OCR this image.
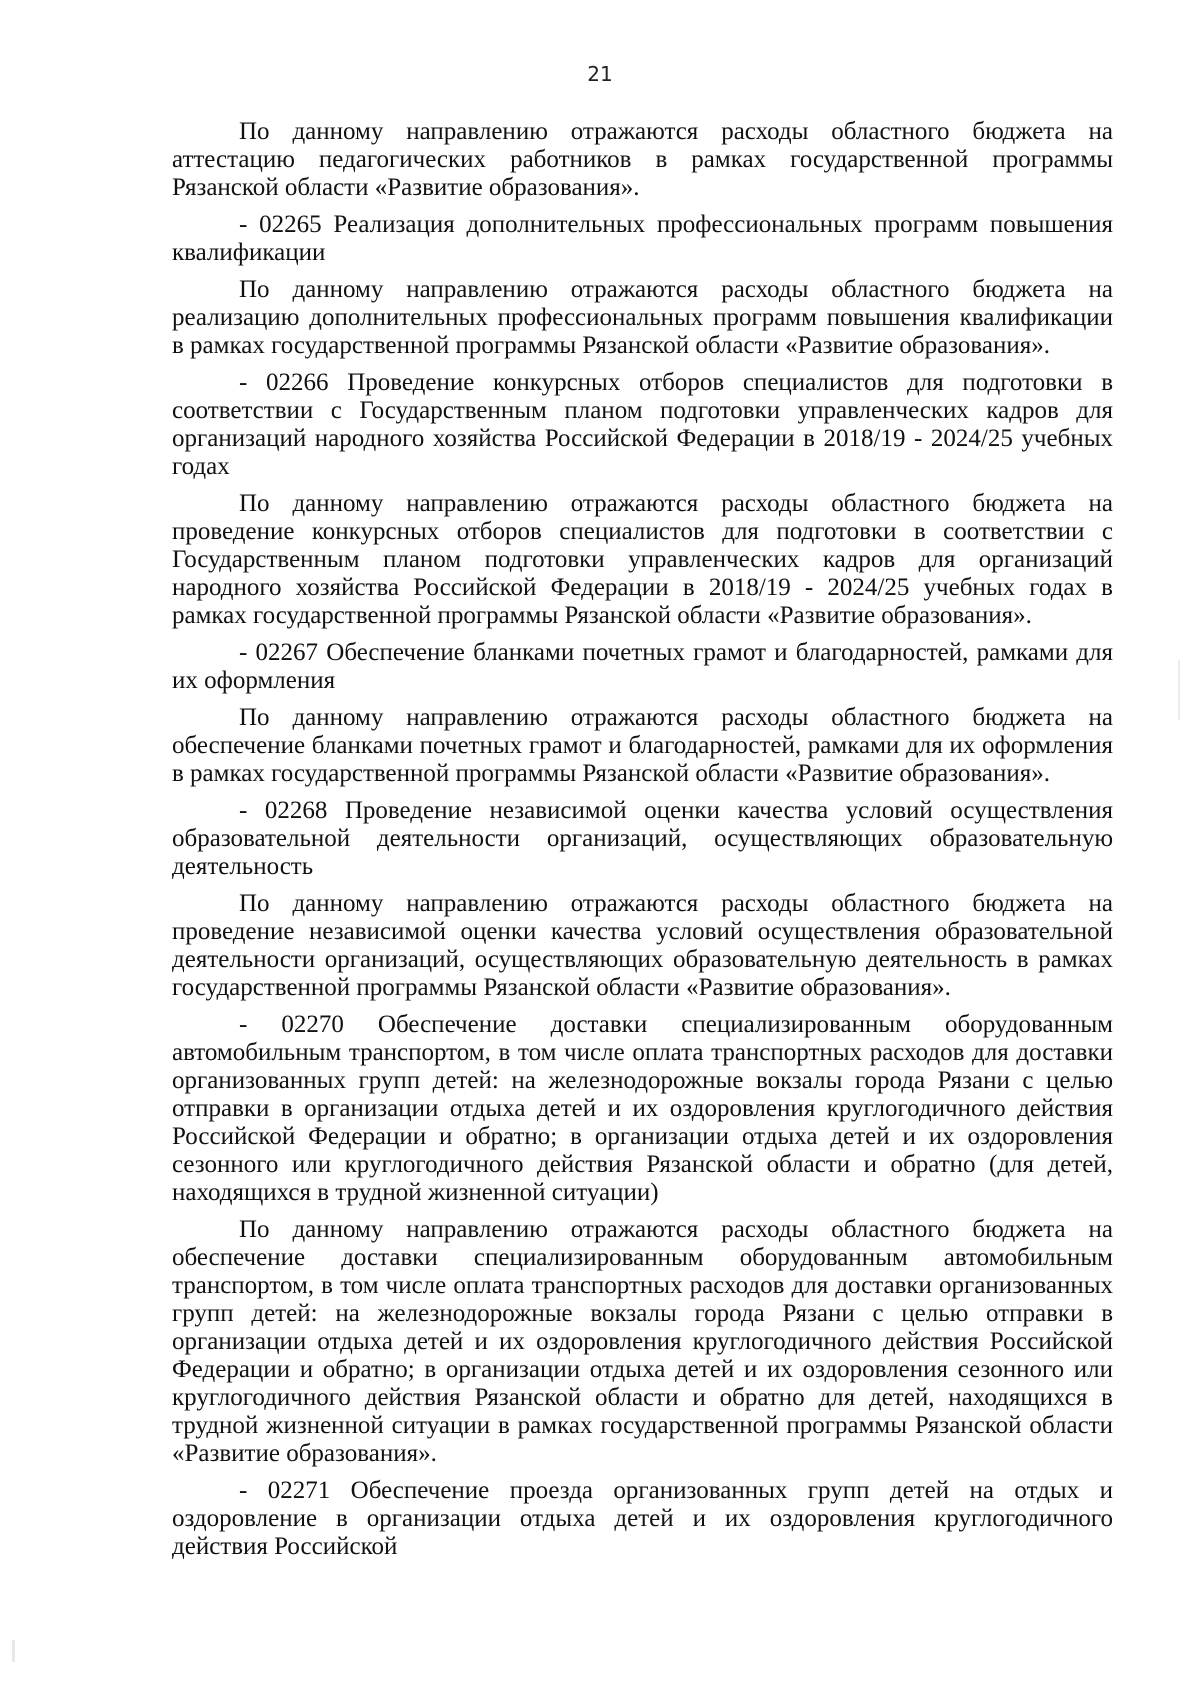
21

По данному направлению отражаются расходы областного бюджета на аттестацию педагогических работников в рамках государственной программы Рязанской области «Развитие образования».

- 02265 Реализация дополнительных профессиональных программ повышения квалификации

По данному направлению отражаются расходы областного бюджета на реализацию дополнительных профессиональных программ повышения квалификации в рамках государственной программы Рязанской области «Развитие образования».

- 02266 Проведение конкурсных отборов специалистов для подготовки в соответствии с Государственным планом подготовки управленческих кадров для организаций народного хозяйства Российской Федерации в 2018/19 - 2024/25 учебных годах

По данному направлению отражаются расходы областного бюджета на проведение конкурсных отборов специалистов для подготовки в соответствии с Государственным планом подготовки управленческих кадров для организаций народного хозяйства Российской Федерации в 2018/19 - 2024/25 учебных годах в рамках государственной программы Рязанской области «Развитие образования».

- 02267 Обеспечение бланками почетных грамот и благодарностей, рамками для их оформления

По данному направлению отражаются расходы областного бюджета на обеспечение бланками почетных грамот и благодарностей, рамками для их оформления в рамках государственной программы Рязанской области «Развитие образования».

- 02268 Проведение независимой оценки качества условий осуществления образовательной деятельности организаций, осуществляющих образовательную деятельность

По данному направлению отражаются расходы областного бюджета на проведение независимой оценки качества условий осуществления образовательной деятельности организаций, осуществляющих образовательную деятельность в рамках государственной программы Рязанской области «Развитие образования».

- 02270 Обеспечение доставки специализированным оборудованным автомобильным транспортом, в том числе оплата транспортных расходов для доставки организованных групп детей: на железнодорожные вокзалы города Рязани с целью отправки в организации отдыха детей и их оздоровления круглогодичного действия Российской Федерации и обратно; в организации отдыха детей и их оздоровления сезонного или круглогодичного действия Рязанской области и обратно (для детей, находящихся в трудной жизненной ситуации)

По данному направлению отражаются расходы областного бюджета на обеспечение доставки специализированным оборудованным автомобильным транспортом, в том числе оплата транспортных расходов для доставки организованных групп детей: на железнодорожные вокзалы города Рязани с целью отправки в организации отдыха детей и их оздоровления круглогодичного действия Российской Федерации и обратно; в организации отдыха детей и их оздоровления сезонного или круглогодичного действия Рязанской области и обратно для детей, находящихся в трудной жизненной ситуации в рамках государственной программы Рязанской области «Развитие образования».

- 02271 Обеспечение проезда организованных групп детей на отдых и оздоровление в организации отдыха детей и их оздоровления круглогодичного действия Российской
